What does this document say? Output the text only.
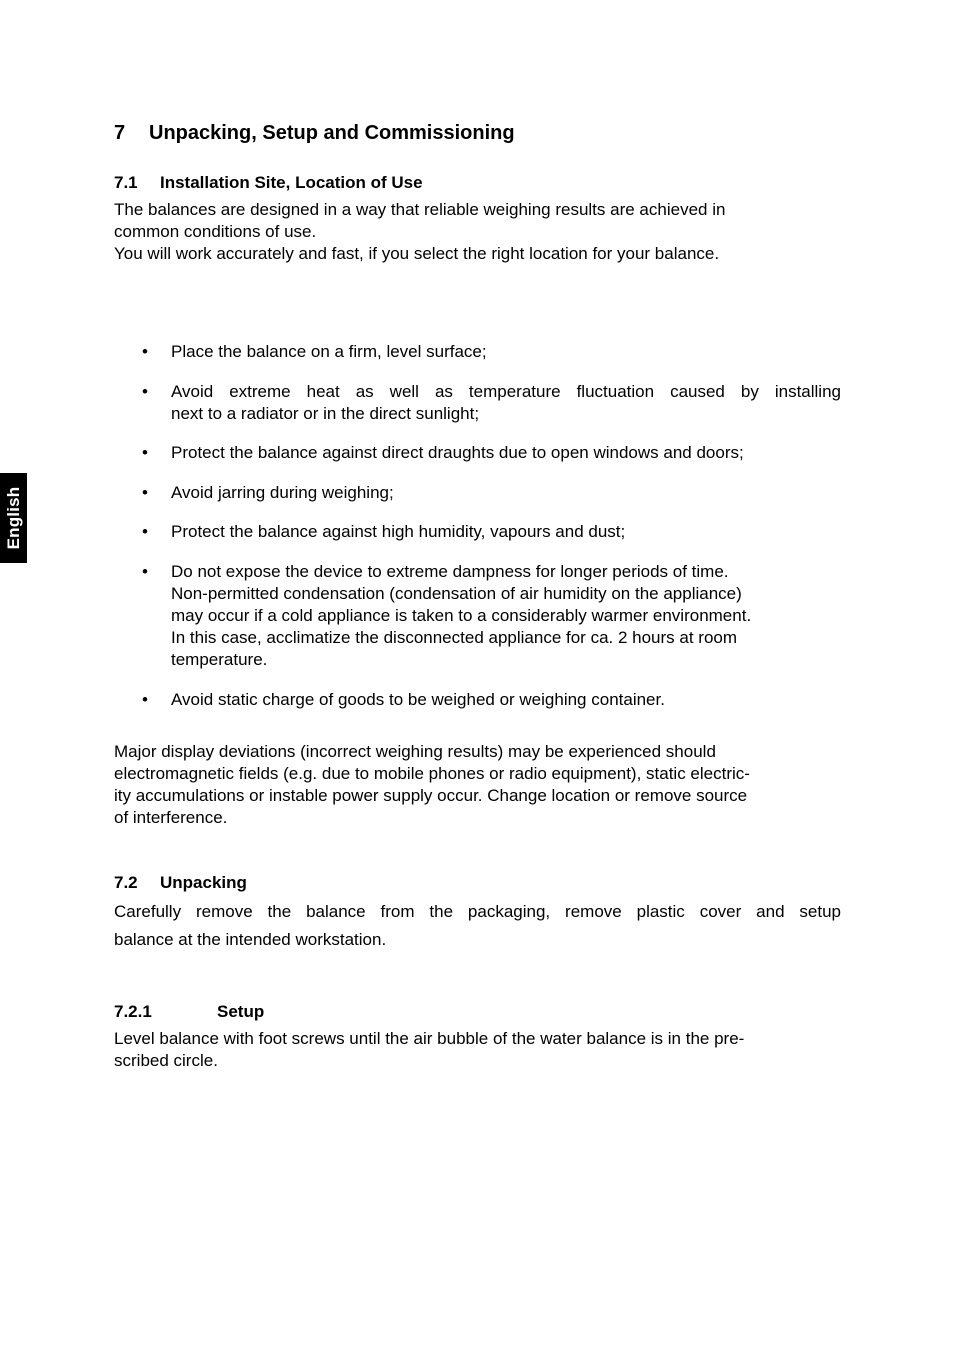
English
7 Unpacking, Setup and Commissioning
7.1 Installation Site, Location of Use
The balances are designed in a way that reliable weighing results are achieved in
common conditions of use.
You will work accurately and fast, if you select the right location for your balance.
• Place the balance on a firm, level surface;
• Avoid extreme heat as well as temperature fluctuation caused by installing
next to a radiator or in the direct sunlight;
• Protect the balance against direct draughts due to open windows and doors;
• Avoid jarring during weighing;
• Protect the balance against high humidity, vapours and dust;
• Do not expose the device to extreme dampness for longer periods of time.
Non-permitted condensation (condensation of air humidity on the appliance)
may occur if a cold appliance is taken to a considerably warmer environment.
In this case, acclimatize the disconnected appliance for ca. 2 hours at room
temperature.
• Avoid static charge of goods to be weighed or weighing container.
Major display deviations (incorrect weighing results) may be experienced should
electromagnetic fields (e.g. due to mobile phones or radio equipment), static electric-
ity accumulations or instable power supply occur. Change location or remove source
of interference.
7.2 Unpacking
Carefully remove the balance from the packaging, remove plastic cover and setup
balance at the intended workstation.
7.2.1	Setup
Level balance with foot screws until the air bubble of the water balance is in the pre-
scribed circle.
